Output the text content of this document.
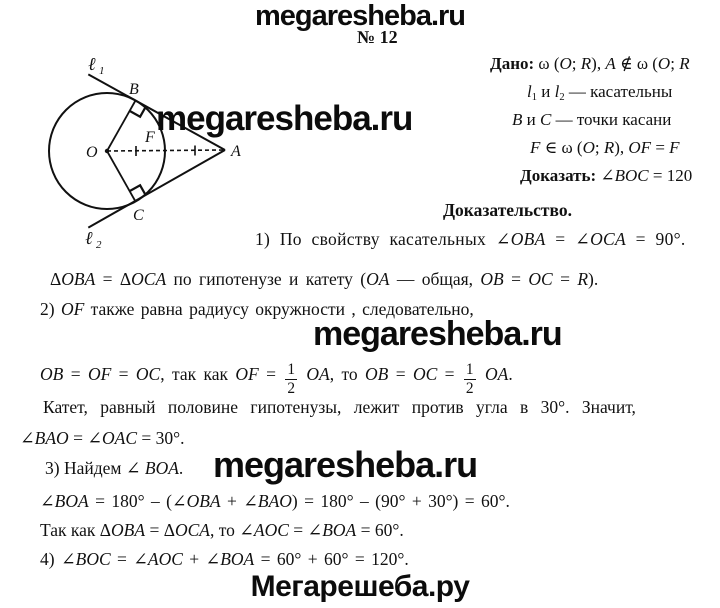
megaresheba.ru
№ 12
O
B
C
A
F
ℓ 1
ℓ 2
megaresheba.ru
Дано: ω (O; R), A ∉ ω (O; R
$l_1$ и $l_2$ — касательны
B и C — точки касани
F ∈ ω (O; R), OF = F
Доказать: ∠BOC = 120
Доказательство.
1) По свойству касательных ∠OBA = ∠OCA = 90°.
ΔOBA = ΔOCA по гипотенузе и катету (OA — общая, OB = OC = R).
2) OF также равна радиусу окружности , следовательно,
megaresheba.ru
OB = OF = OC, так как OF = $\frac{1}{2}$ OA, то OB = OC = $\frac{1}{2}$ OA.
Катет, равный половине гипотенузы, лежит против угла в 30°. Значит,
∠BAO = ∠OAC = 30°.
3) Найдем ∠ BOA. megaresheba.ru
∠BOA = 180° – (∠OBA + ∠BAO) = 180° – (90° + 30°) = 60°.
Так как ΔOBA = ΔOCA, то ∠AOC = ∠BOA = 60°.
4) ∠BOC = ∠AOC + ∠BOA = 60° + 60° = 120°.
Мегарешеба.ру
